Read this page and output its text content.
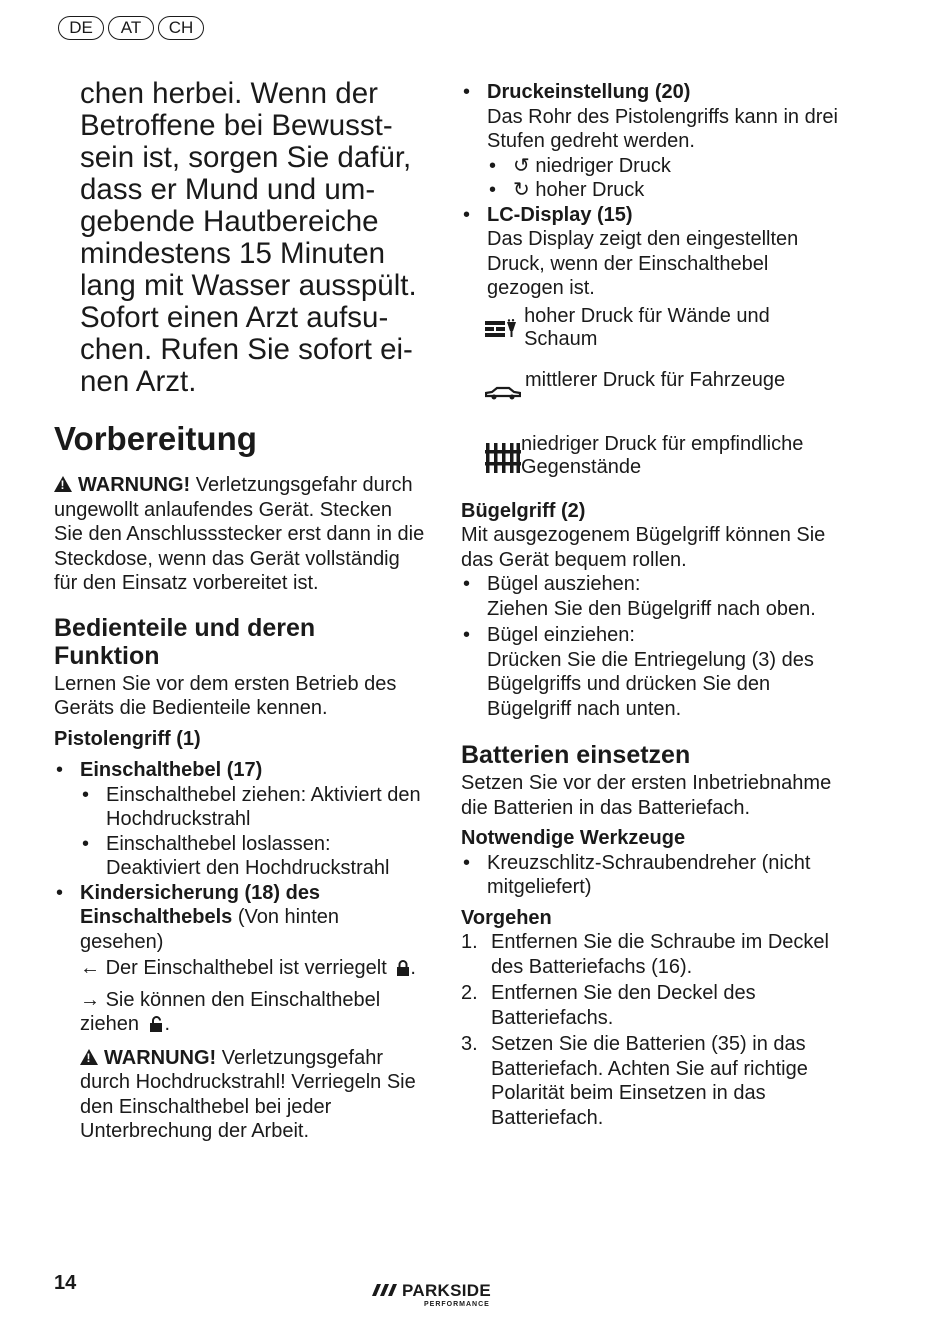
DE	AT	CH
chen herbei. Wenn der
Betroffene bei Bewusst-
sein ist, sorgen Sie dafür,
dass er Mund und um-
gebende Hautbereiche
mindestens 15 Minuten
lang mit Wasser ausspült.
Sofort einen Arzt aufsu-
chen. Rufen Sie sofort ei-
nen Arzt.
Vorbereitung

!WARNUNG! Verletzungsgefahr durch ungewollt anlaufendes Gerät. Stecken Sie den Anschlussstecker erst dann in die Steckdose, wenn das Gerät vollständig für den Einsatz vorbereitet ist.

Bedienteile und deren Funktion

Lernen Sie vor dem ersten Betrieb des Geräts die Bedienteile kennen.

Pistolengriff (1)

• Einschalthebel (17)
• Einschalthebel ziehen: Aktiviert den Hochdruckstrahl
• Einschalthebel loslassen: Deaktiviert den Hochdruckstrahl
• Kindersicherung (18) des Einschalthebels (Von hinten gesehen)
← Der Einschalthebel ist verriegelt .
→ Sie können den Einschalthebel ziehen .

!WARNUNG! Verletzungsgefahr durch Hochdruckstrahl! Verriegeln Sie den Einschalthebel bei jeder Unterbrechung der Arbeit.

• Druckeinstellung (20)
Das Rohr des Pistolengriffs kann in drei Stufen gedreht werden.
• ↺ niedriger Druck
• ↻ hoher Druck
• LC-Display (15)
Das Display zeigt den eingestellten Druck, wenn der Einschalthebel gezogen ist.
hoher Druck für Wände und Schaum
mittlerer Druck für Fahrzeuge
niedriger Druck für empfindliche Gegenstände

Bügelgriff (2)

Mit ausgezogenem Bügelgriff können Sie das Gerät bequem rollen.

• Bügel ausziehen:
Ziehen Sie den Bügelgriff nach oben.
• Bügel einziehen:
Drücken Sie die Entriegelung (3) des Bügelgriffs und drücken Sie den Bügelgriff nach unten.
Batterien einsetzen

Setzen Sie vor der ersten Inbetriebnahme die Batterien in das Batteriefach.

Notwendige Werkzeuge

• Kreuzschlitz-Schraubendreher (nicht mitgeliefert)

Vorgehen

1. Entfernen Sie die Schraube im Deckel des Batteriefachs (16).
2. Entfernen Sie den Deckel des Batteriefachs.
3. Setzen Sie die Batterien (35) in das Batteriefach. Achten Sie auf richtige Polarität beim Einsetzen in das Batteriefach.
14	PARKSIDE
PERFORMANCE
